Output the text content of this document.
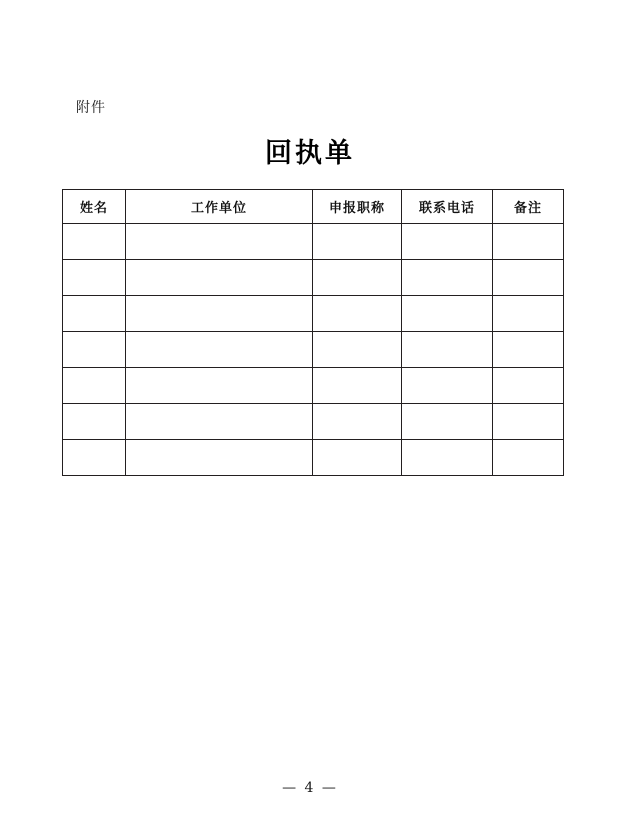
附件
回执单
姓名	工作单位	申报职称	联系电话	备注

— 4 —
